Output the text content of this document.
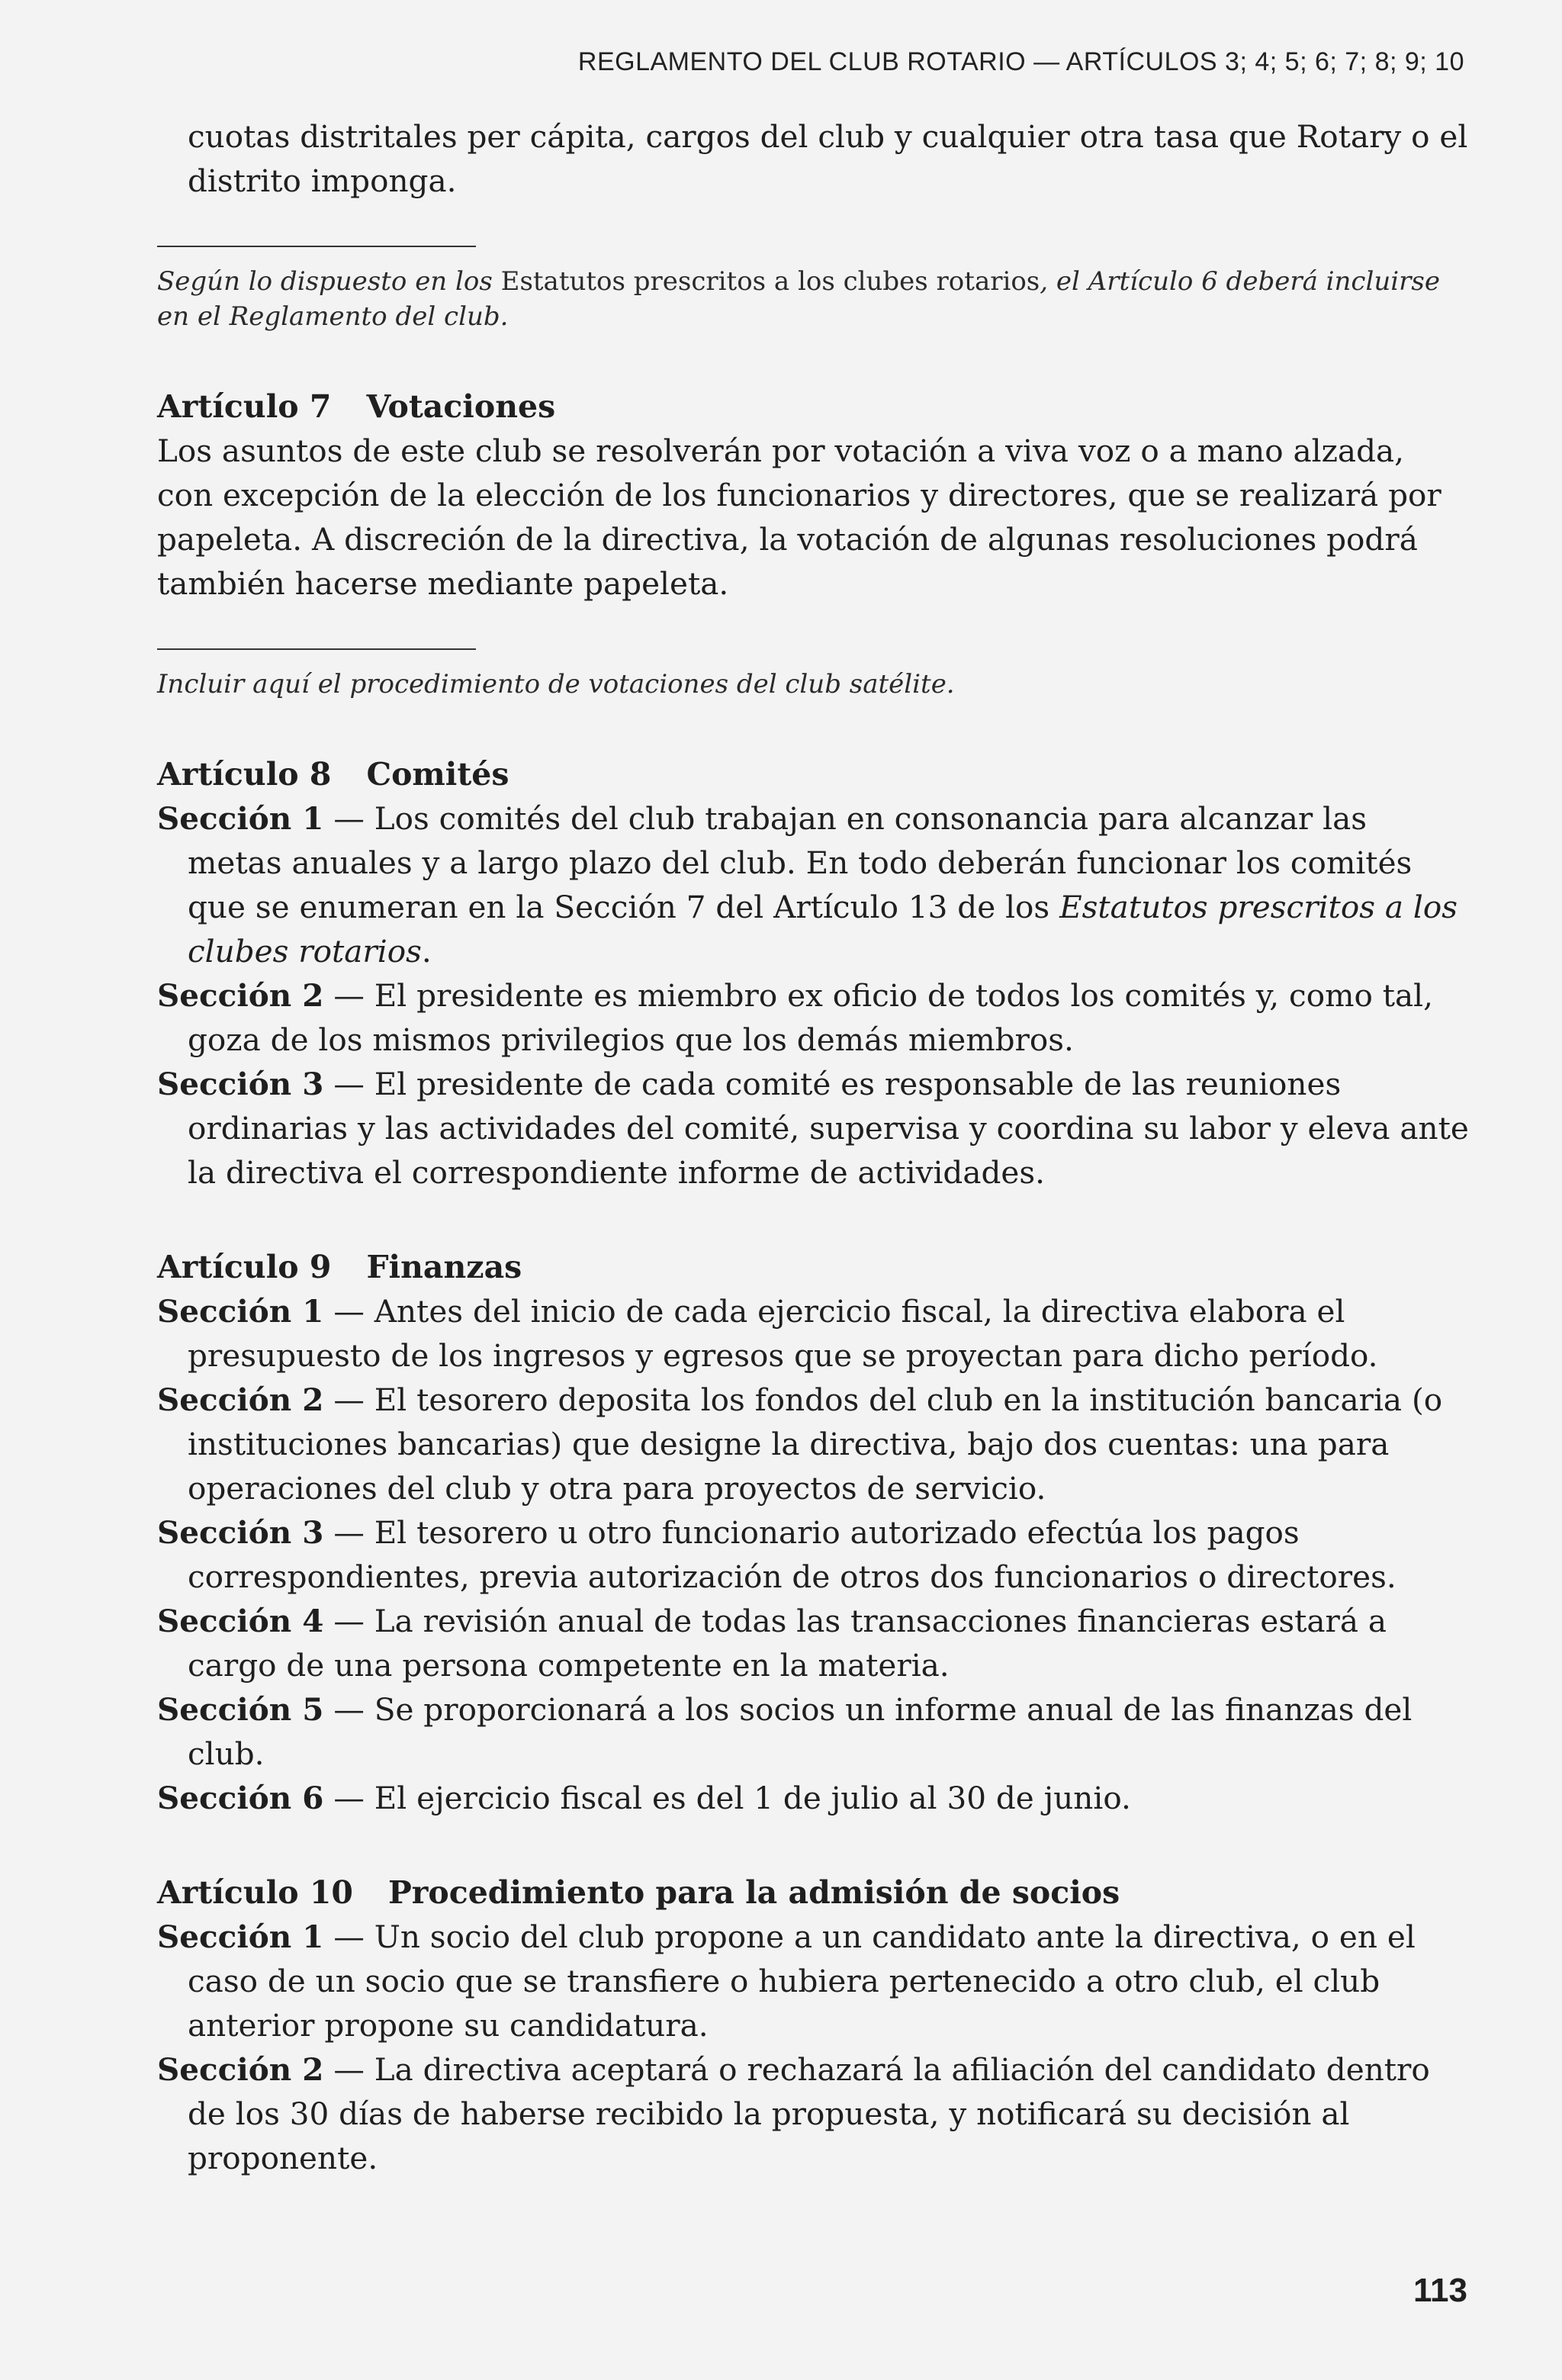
REGLAMENTO DEL CLUB ROTARIO — ARTÍCULOS 3; 4; 5; 6; 7; 8; 9; 10

cuotas distritales per cápita, cargos del club y cualquier otra tasa que Rotary o el distrito imponga.

Según lo dispuesto en los Estatutos prescritos a los clubes rotarios, el Artículo 6 deberá incluirse en el Reglamento del club.

Artículo 7 Votaciones

Los asuntos de este club se resolverán por votación a viva voz o a mano alzada, con excepción de la elección de los funcionarios y directores, que se realizará por papeleta. A discreción de la directiva, la votación de algunas resoluciones podrá también hacerse mediante papeleta.

Incluir aquí el procedimiento de votaciones del club satélite.

Artículo 8 Comités

Sección 1 — Los comités del club trabajan en consonancia para alcanzar las metas anuales y a largo plazo del club. En todo deberán funcionar los comités que se enumeran en la Sección 7 del Artículo 13 de los Estatutos prescritos a los clubes rotarios.

Sección 2 — El presidente es miembro ex oficio de todos los comités y, como tal, goza de los mismos privilegios que los demás miembros.

Sección 3 — El presidente de cada comité es responsable de las reuniones ordinarias y las actividades del comité, supervisa y coordina su labor y eleva ante la directiva el correspondiente informe de actividades.

Artículo 9 Finanzas

Sección 1 — Antes del inicio de cada ejercicio fiscal, la directiva elabora el presupuesto de los ingresos y egresos que se proyectan para dicho período.

Sección 2 — El tesorero deposita los fondos del club en la institución bancaria (o instituciones bancarias) que designe la directiva, bajo dos cuentas: una para operaciones del club y otra para proyectos de servicio.

Sección 3 — El tesorero u otro funcionario autorizado efectúa los pagos correspondientes, previa autorización de otros dos funcionarios o directores.

Sección 4 — La revisión anual de todas las transacciones financieras estará a cargo de una persona competente en la materia.

Sección 5 — Se proporcionará a los socios un informe anual de las finanzas del club.

Sección 6 — El ejercicio fiscal es del 1 de julio al 30 de junio.

Artículo 10 Procedimiento para la admisión de socios

Sección 1 — Un socio del club propone a un candidato ante la directiva, o en el caso de un socio que se transfiere o hubiera pertenecido a otro club, el club anterior propone su candidatura.

Sección 2 — La directiva aceptará o rechazará la afiliación del candidato dentro de los 30 días de haberse recibido la propuesta, y notificará su decisión al proponente.

113
